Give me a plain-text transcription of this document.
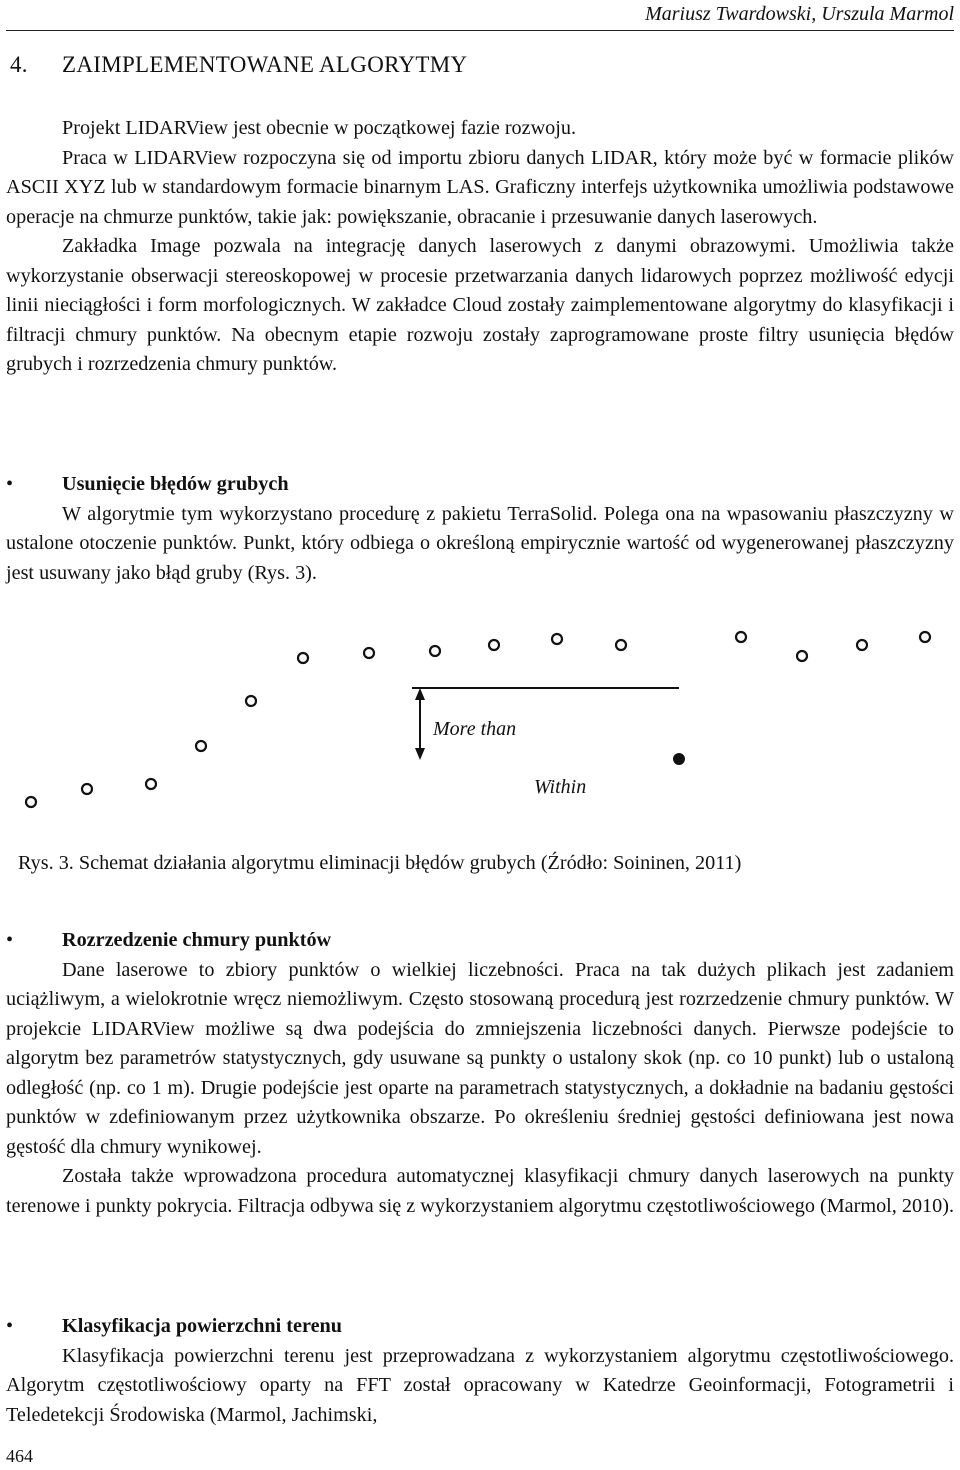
Mariusz Twardowski, Urszula Marmol
4. ZAIMPLEMENTOWANE ALGORYTMY

Projekt LIDARView jest obecnie w początkowej fazie rozwoju.

Praca w LIDARView rozpoczyna się od importu zbioru danych LIDAR, który może być w formacie plików ASCII XYZ lub w standardowym formacie binarnym LAS. Graficzny interfejs użytkownika umożliwia podstawowe operacje na chmurze punktów, takie jak: powiększanie, obracanie i przesuwanie danych laserowych.

Zakładka Image pozwala na integrację danych laserowych z danymi obrazowymi. Umożliwia także wykorzystanie obserwacji stereoskopowej w procesie przetwarzania danych lidarowych poprzez możliwość edycji linii nieciągłości i form morfologicznych. W zakładce Cloud zostały zaimplementowane algorytmy do klasyfikacji i filtracji chmury punktów. Na obecnym etapie rozwoju zostały zaprogramowane proste filtry usunięcia błędów grubych i rozrzedzenia chmury punktów.

• Usunięcie błędów grubych

W algorytmie tym wykorzystano procedurę z pakietu TerraSolid. Polega ona na wpasowaniu płaszczyzny w ustalone otoczenie punktów. Punkt, który odbiega o określoną empirycznie wartość od wygenerowanej płaszczyzny jest usuwany jako błąd gruby (Rys. 3).

More than
Within
Rys. 3. Schemat działania algorytmu eliminacji błędów grubych (Źródło: Soininen, 2011)

• Rozrzedzenie chmury punktów

Dane laserowe to zbiory punktów o wielkiej liczebności. Praca na tak dużych plikach jest zadaniem uciążliwym, a wielokrotnie wręcz niemożliwym. Często stosowaną procedurą jest rozrzedzenie chmury punktów. W projekcie LIDARView możliwe są dwa podejścia do zmniejszenia liczebności danych. Pierwsze podejście to algorytm bez parametrów statystycznych, gdy usuwane są punkty o ustalony skok (np. co 10 punkt) lub o ustaloną odległość (np. co 1 m). Drugie podejście jest oparte na parametrach statystycznych, a dokładnie na badaniu gęstości punktów w zdefiniowanym przez użytkownika obszarze. Po określeniu średniej gęstości definiowana jest nowa gęstość dla chmury wynikowej.

Została także wprowadzona procedura automatycznej klasyfikacji chmury danych laserowych na punkty terenowe i punkty pokrycia. Filtracja odbywa się z wykorzystaniem algorytmu częstotliwościowego (Marmol, 2010).

• Klasyfikacja powierzchni terenu

Klasyfikacja powierzchni terenu jest przeprowadzana z wykorzystaniem algorytmu częstotliwościowego. Algorytm częstotliwościowy oparty na FFT został opracowany w Katedrze Geoinformacji, Fotogrametrii i Teledetekcji Środowiska (Marmol, Jachimski,

464
